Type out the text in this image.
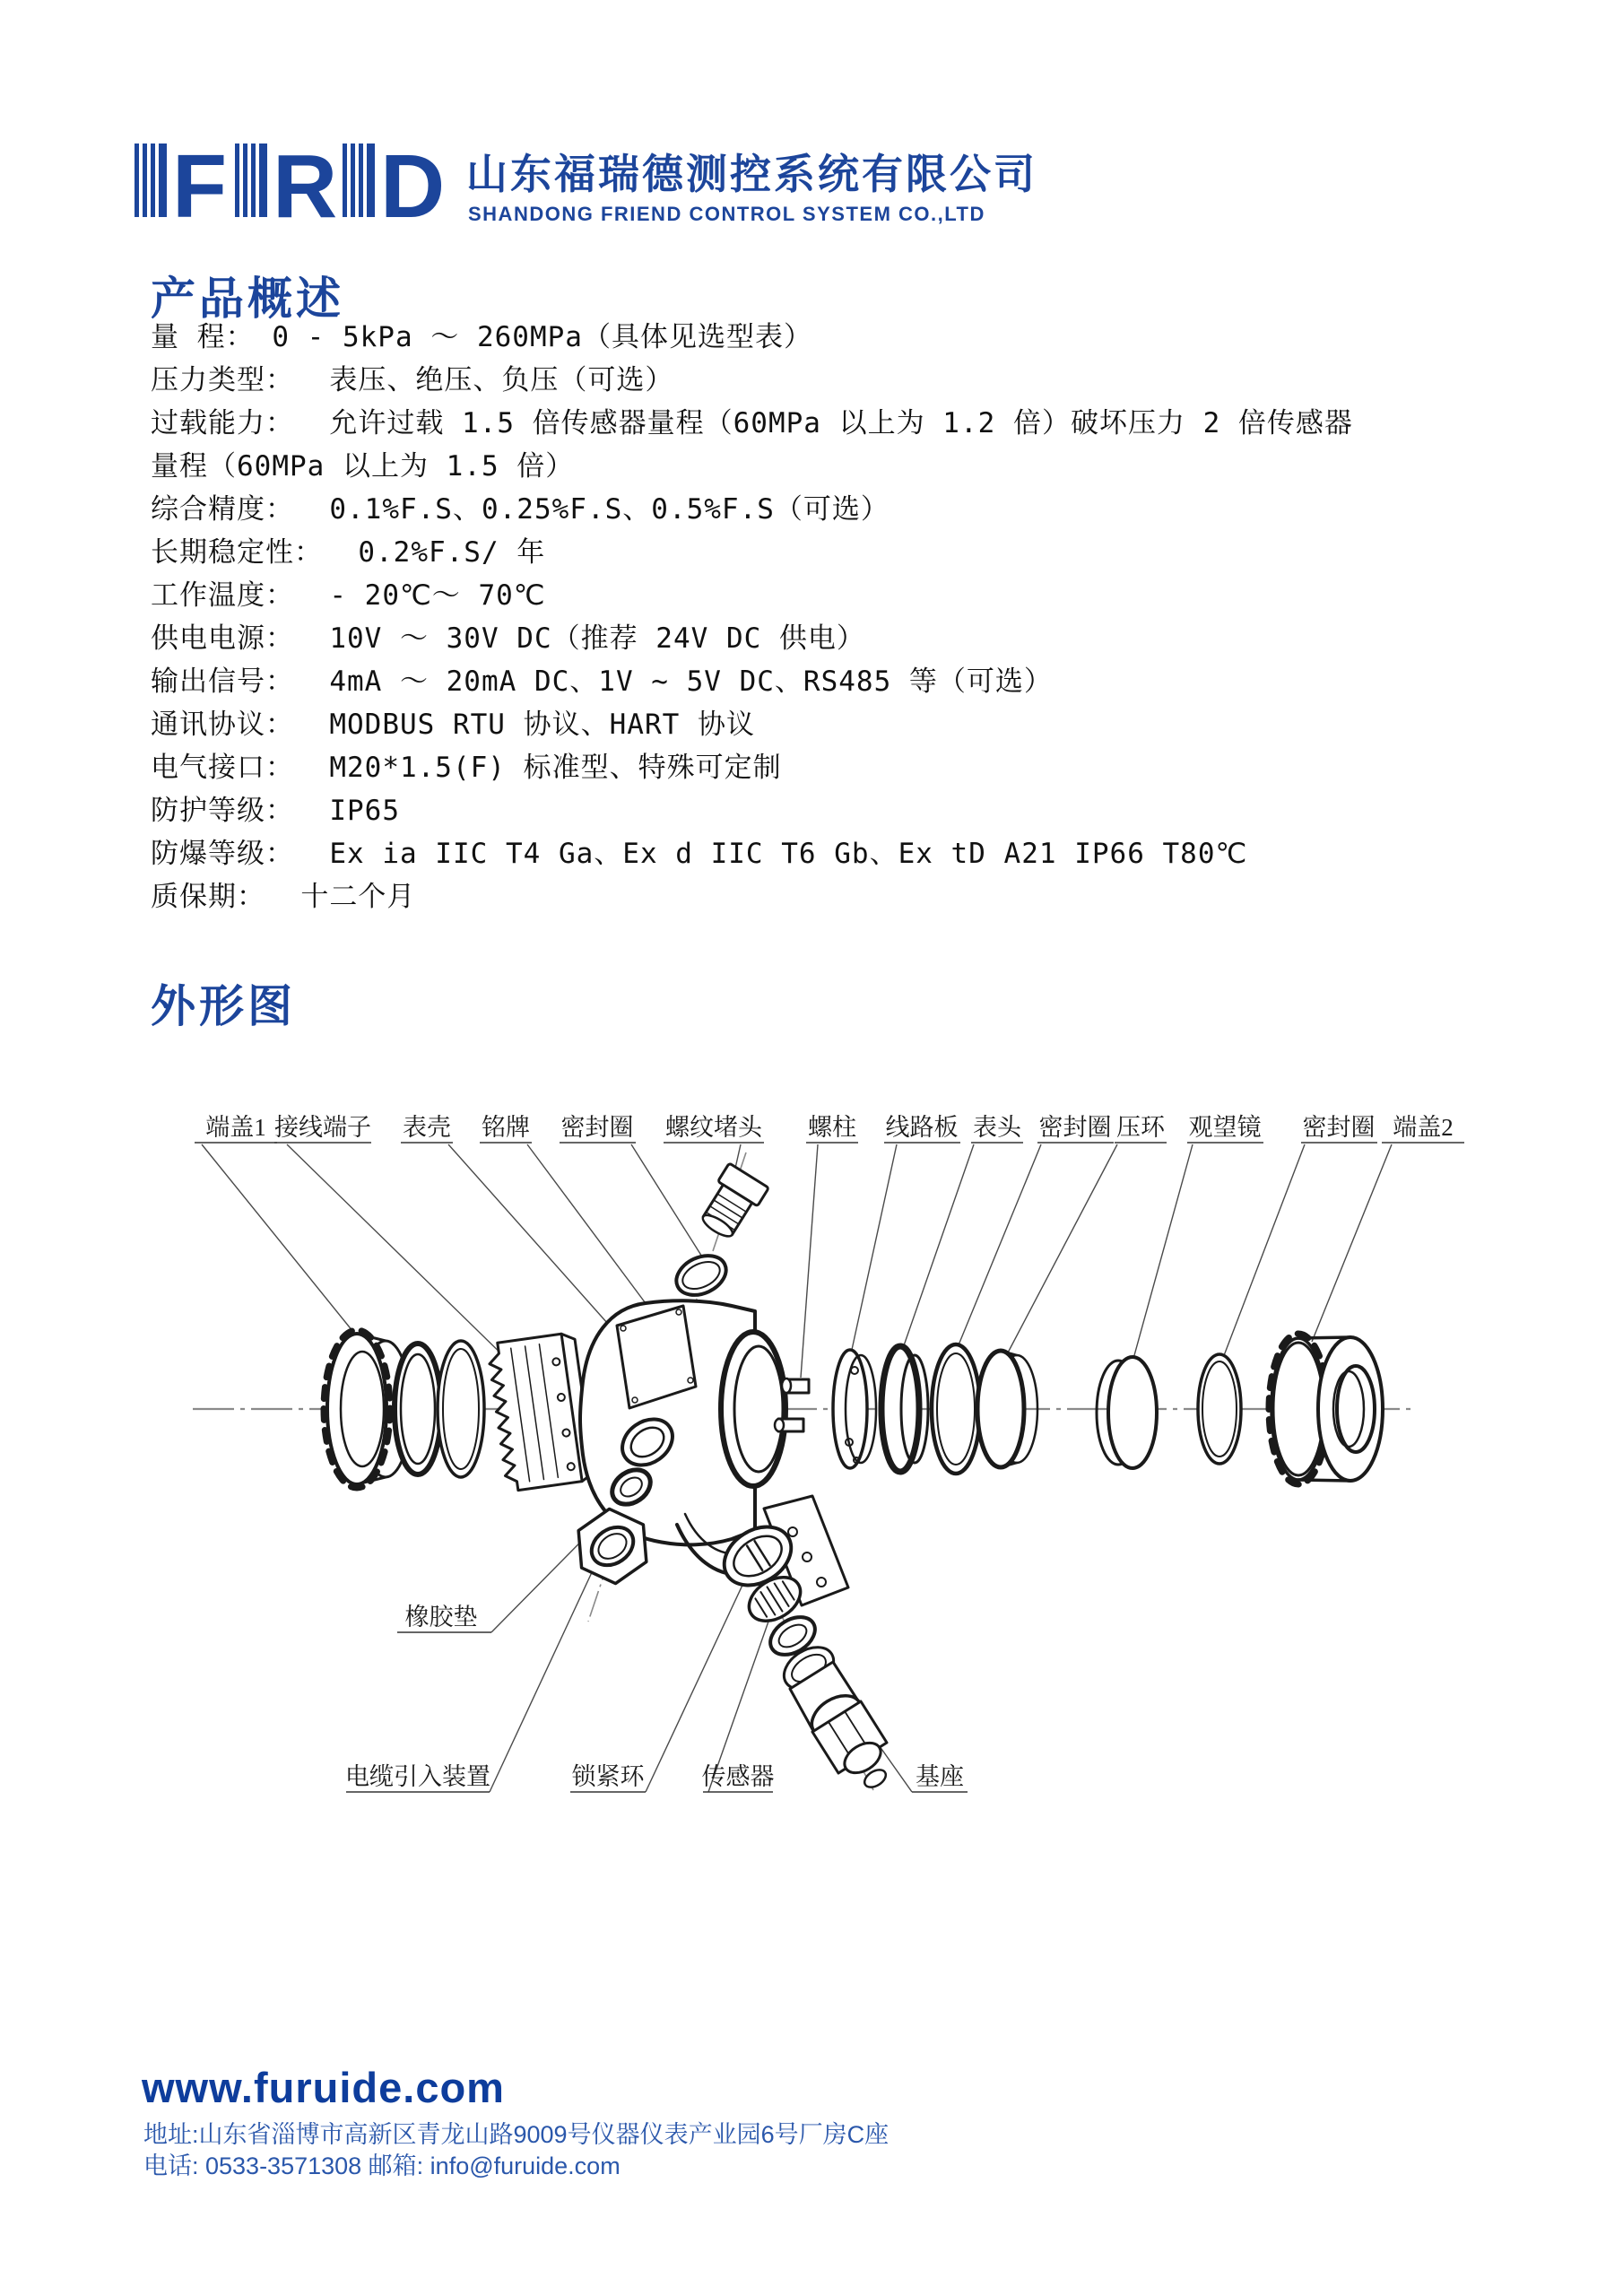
F R D 山东福瑞德测控系统有限公司
SHANDONG FRIEND CONTROL SYSTEM CO.,LTD
产品概述
量 程： 0 - 5kPa ～ 260MPa（具体见选型表）
压力类型：  表压、绝压、负压（可选）
过载能力：  允许过载 1.5 倍传感器量程（60MPa 以上为 1.2 倍）破坏压力 2 倍传感器
量程（60MPa 以上为 1.5 倍）
综合精度：  0.1%F.S、0.25%F.S、0.5%F.S（可选）
长期稳定性：  0.2%F.S/ 年
工作温度：  - 20℃～ 70℃
供电电源：  10V ～ 30V DC（推荐 24V DC 供电）
输出信号：  4mA ～ 20mA DC、1V ~ 5V DC、RS485 等（可选）
通讯协议：  MODBUS RTU 协议、HART 协议
电气接口：  M20*1.5(F) 标准型、特殊可定制
防护等级：  IP65
防爆等级：  Ex ia IIC T4 Ga、Ex d IIC T6 Gb、Ex tD A21 IP66 T80℃
质保期：  十二个月
外形图
端盖1 接线端子 表壳 铭牌 密封圈 螺纹堵头 螺柱 线路板 表头 密封圈 压环 观望镜 密封圈 端盖2
橡胶垫
电缆引入装置	锁紧环 传感器	基座
www.furuide.com
地址:山东省淄博市高新区青龙山路9009号仪器仪表产业园6号厂房C座
电话: 0533-3571308 邮箱: info@furuide.com
